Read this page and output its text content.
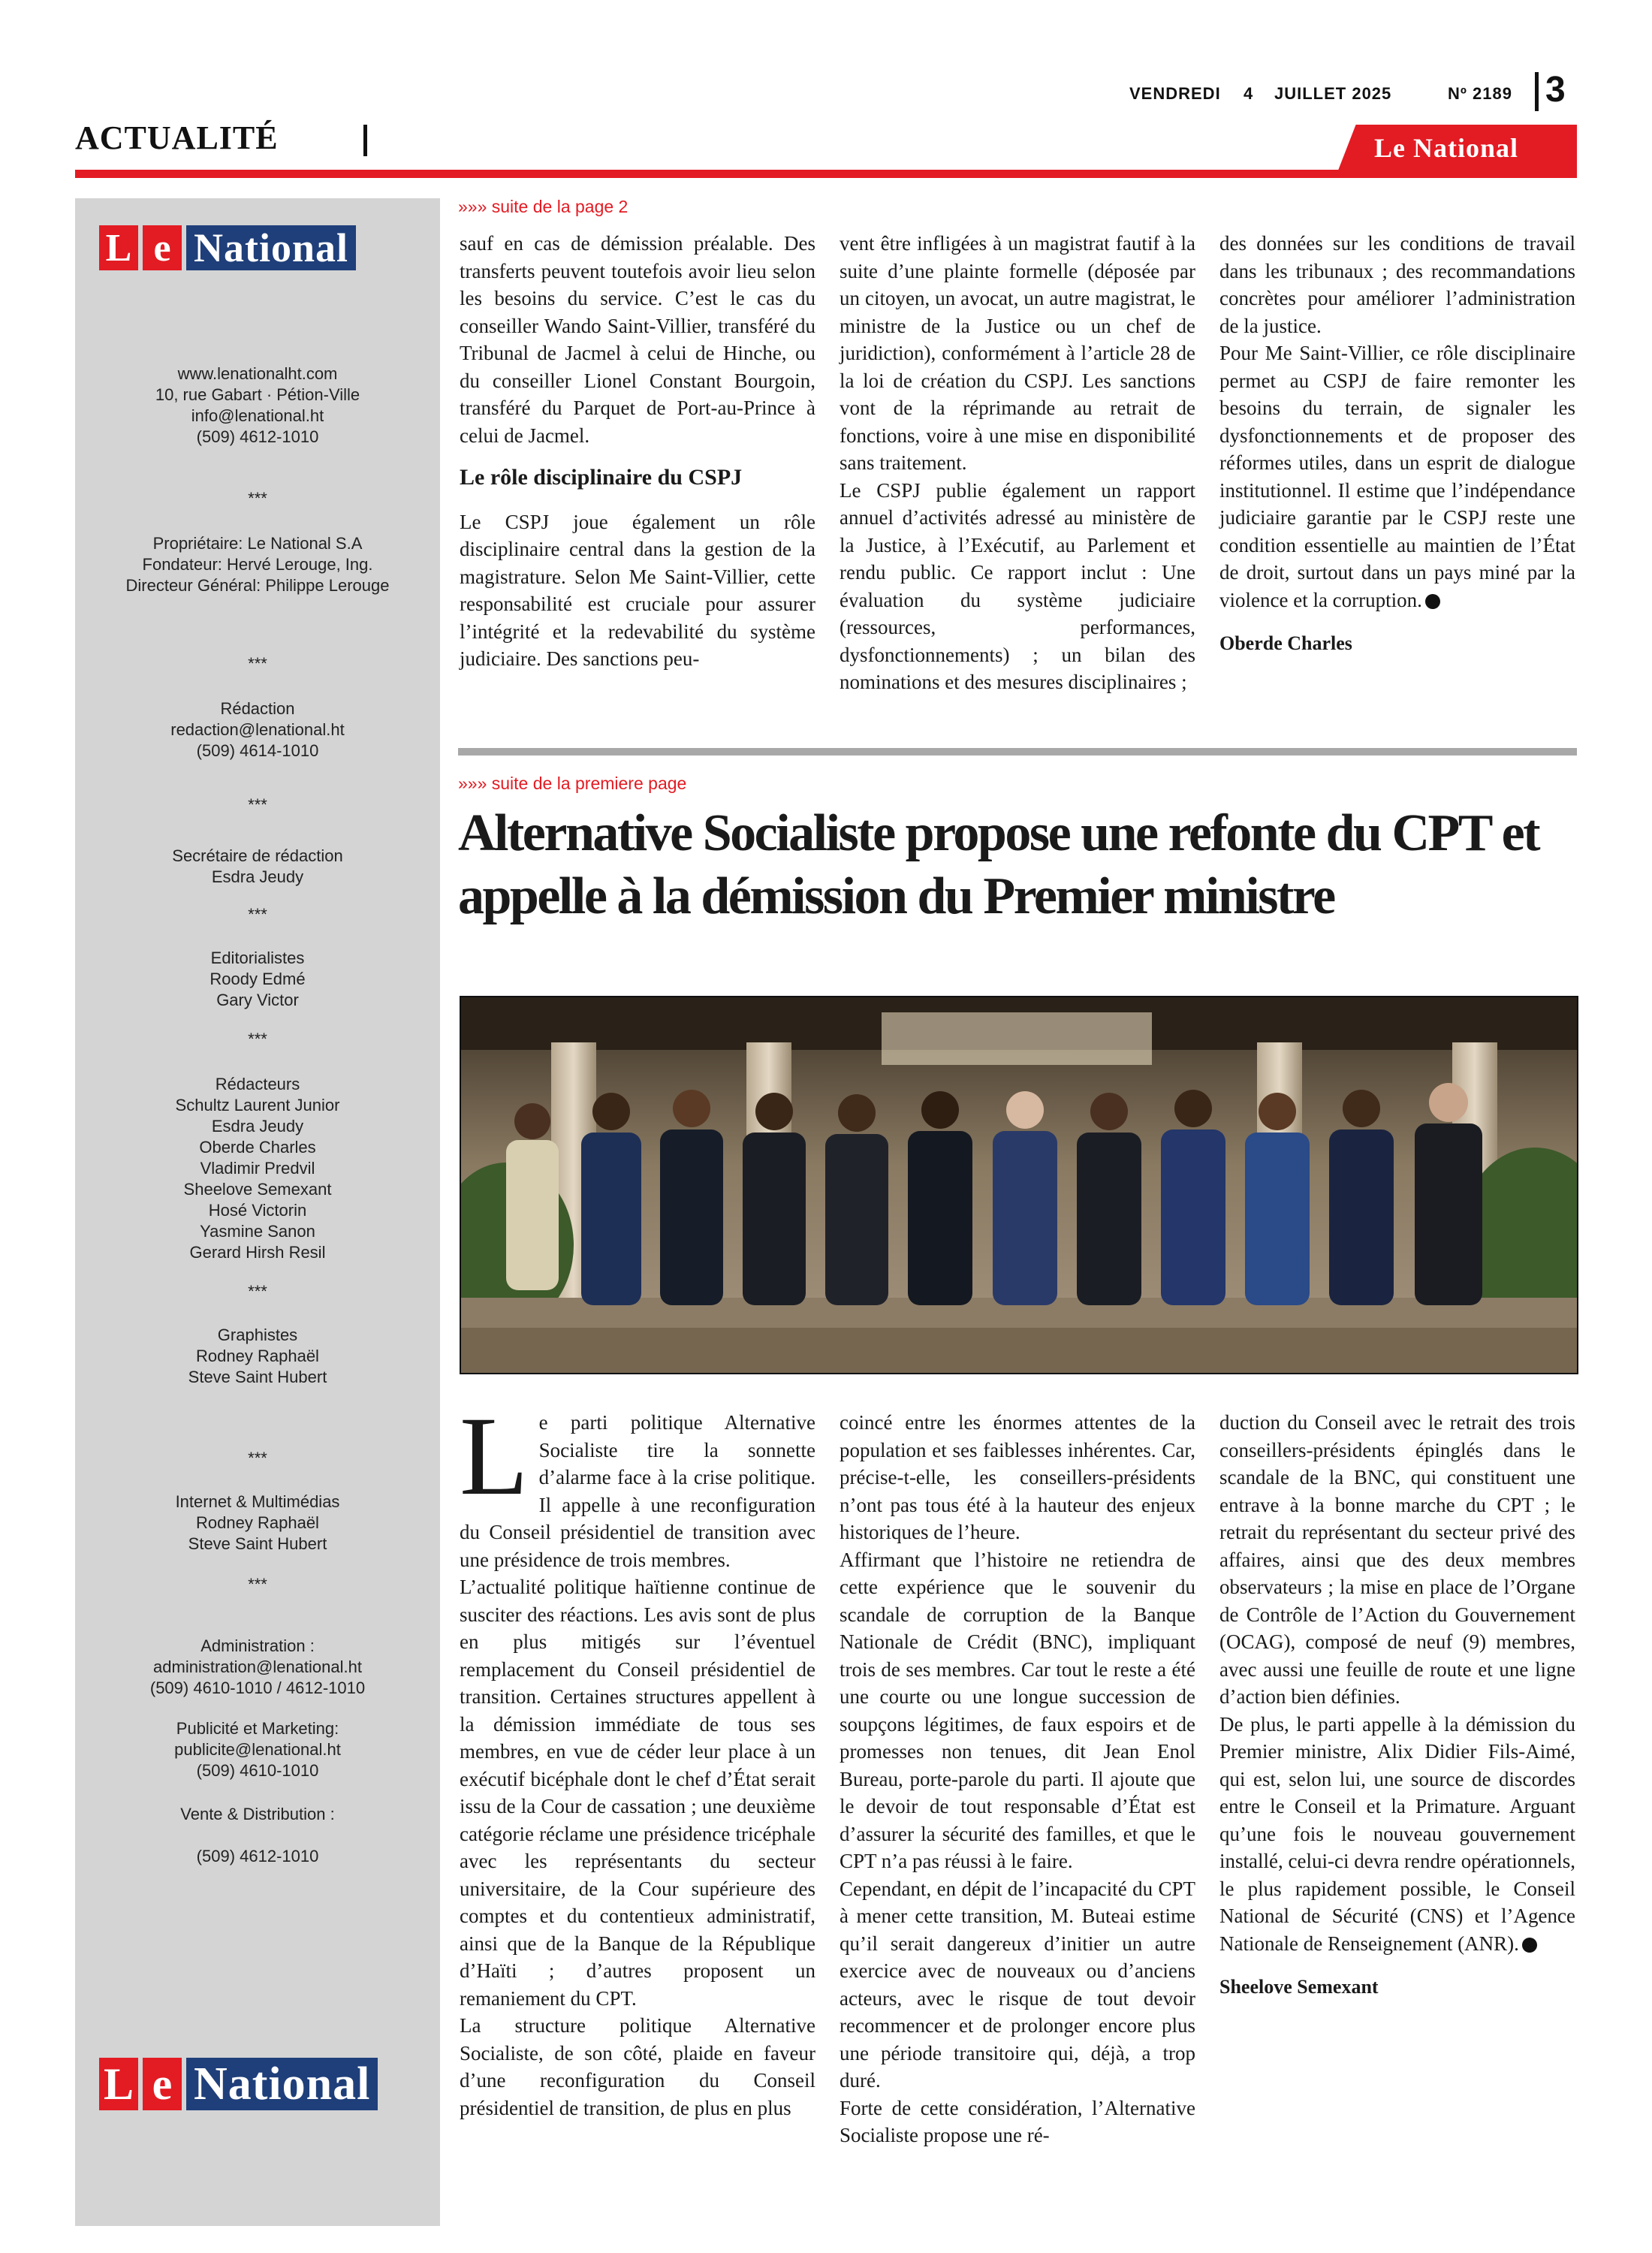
ACTUALITÉ
VENDREDI 4 JUILLET 2025	Nº 2189 3
Le National
L e National

www.lenationalht.com

10, rue Gabart · Pétion-Ville

info@lenational.ht

(509) 4612-1010

***

Propriétaire: Le National S.A

Fondateur: Hervé Lerouge, Ing.

Directeur Général: Philippe Lerouge

***

Rédaction

redaction@lenational.ht

(509) 4614-1010

***

Secrétaire de rédaction

Esdra Jeudy

***

Editorialistes

Roody Edmé

Gary Victor

***

Rédacteurs

Schultz Laurent Junior

Esdra Jeudy

Oberde Charles

Vladimir Predvil

Sheelove Semexant

Hosé Victorin

Yasmine Sanon

Gerard Hirsh Resil

***

Graphistes

Rodney Raphaël

Steve Saint Hubert

***

Internet & Multimédias

Rodney Raphaël

Steve Saint Hubert

***

Administration :

administration@lenational.ht

(509) 4610-1010 / 4612-1010

Publicité et Marketing:

publicite@lenational.ht

(509) 4610-1010

Vente & Distribution :
(509) 4612-1010
L e National
»»» suite de la page 2

sauf en cas de démission préalable. Des transferts peuvent toutefois avoir lieu selon les besoins du service. C’est le cas du conseiller Wando Saint-Villier, transféré du Tribunal de Jacmel à celui de Hinche, ou du conseiller Lionel Constant Bourgoin, transféré du Parquet de Port-au-Prince à celui de Jacmel.

Le rôle disciplinaire du CSPJ

Le CSPJ joue également un rôle disciplinaire central dans la gestion de la magistrature. Selon Me Saint-Villier, cette responsabilité est cruciale pour assurer l’intégrité et la redevabilité du système judiciaire. Des sanctions peu-

vent être infligées à un magistrat fautif à la suite d’une plainte formelle (déposée par un citoyen, un avocat, un autre magistrat, le ministre de la Justice ou un chef de juridiction), conformément à l’article 28 de la loi de création du CSPJ. Les sanctions vont de la réprimande au retrait de fonctions, voire à une mise en disponibilité sans traitement.

Le CSPJ publie également un rapport annuel d’activités adressé au ministère de la Justice, à l’Exécutif, au Parlement et rendu public. Ce rapport inclut : Une évaluation du système judiciaire (ressources, performances, dysfonctionnements) ; un bilan des nominations et des mesures disciplinaires ;

des données sur les conditions de travail dans les tribunaux ; des recommandations concrètes pour améliorer l’administration de la justice.

Pour Me Saint-Villier, ce rôle disciplinaire permet au CSPJ de faire remonter les besoins du terrain, de signaler les dysfonctionnements et de proposer des réformes utiles, dans un esprit de dialogue institutionnel. Il estime que l’indépendance judiciaire garantie par le CSPJ reste une condition essentielle au maintien de l’État de droit, surtout dans un pays miné par la violence et la corruption.

Oberde Charles

»»» suite de la premiere page
Alternative Socialiste propose une refonte du CPT et appelle à la démission du Premier ministre

Le parti politique Alternative Socialiste tire la sonnette d’alarme face à la crise politique. Il appelle à une reconfiguration du Conseil présidentiel de transition avec une présidence de trois membres.

L’actualité politique haïtienne continue de susciter des réactions. Les avis sont de plus en plus mitigés sur l’éventuel remplacement du Conseil présidentiel de transition. Certaines structures appellent à la démission immédiate de tous ses membres, en vue de céder leur place à un exécutif bicéphale dont le chef d’État serait issu de la Cour de cassation ; une deuxième catégorie réclame une présidence tricéphale avec les représentants du secteur universitaire, de la Cour supérieure des comptes et du contentieux administratif, ainsi que de la Banque de la République d’Haïti ; d’autres proposent un remaniement du CPT.

La structure politique Alternative Socialiste, de son côté, plaide en faveur d’une reconfiguration du Conseil présidentiel de transition, de plus en plus

coincé entre les énormes attentes de la population et ses faiblesses inhérentes. Car, précise-t-elle, les conseillers-présidents n’ont pas tous été à la hauteur des enjeux historiques de l’heure.

Affirmant que l’histoire ne retiendra de cette expérience que le souvenir du scandale de corruption de la Banque Nationale de Crédit (BNC), impliquant trois de ses membres. Car tout le reste a été une courte ou une longue succession de soupçons légitimes, de faux espoirs et de promesses non tenues, dit Jean Enol Bureau, porte-parole du parti. Il ajoute que le devoir de tout responsable d’État est d’assurer la sécurité des familles, et que le CPT n’a pas réussi à le faire.

Cependant, en dépit de l’incapacité du CPT à mener cette transition, M. Buteai estime qu’il serait dangereux d’initier un autre exercice avec de nouveaux ou d’anciens acteurs, avec le risque de tout devoir recommencer et de prolonger encore plus une période transitoire qui, déjà, a trop duré.

Forte de cette considération, l’Alternative Socialiste propose une ré-

duction du Conseil avec le retrait des trois conseillers-présidents épinglés dans le scandale de la BNC, qui constituent une entrave à la bonne marche du CPT ; le retrait du représentant du secteur privé des affaires, ainsi que des deux membres observateurs ; la mise en place de l’Organe de Contrôle de l’Action du Gouvernement (OCAG), composé de neuf (9) membres, avec aussi une feuille de route et une ligne d’action bien définies.

De plus, le parti appelle à la démission du Premier ministre, Alix Didier Fils-Aimé, qui est, selon lui, une source de discordes entre le Conseil et la Primature. Arguant qu’une fois le nouveau gouvernement installé, celui-ci devra rendre opérationnels, le plus rapidement possible, le Conseil National de Sécurité (CNS) et l’Agence Nationale de Renseignement (ANR).

Sheelove Semexant
